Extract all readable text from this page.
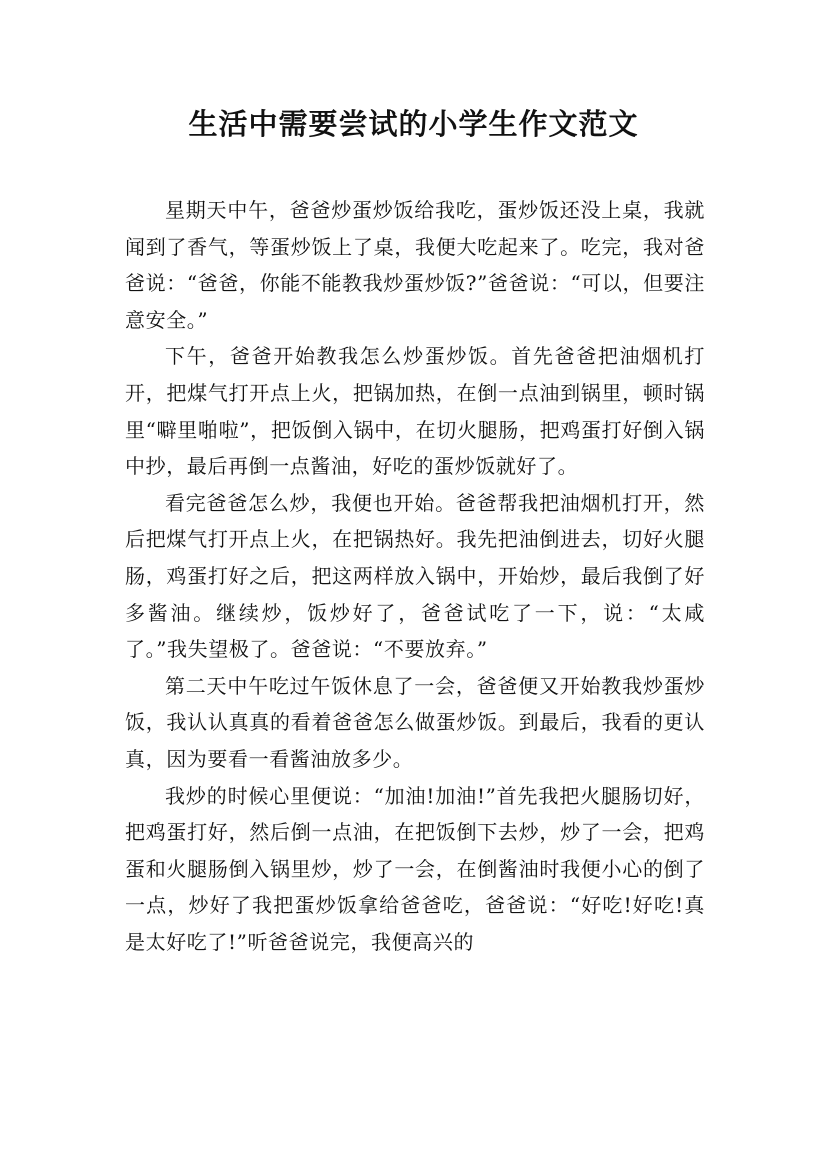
生活中需要尝试的小学生作文范文

星期天中午，爸爸炒蛋炒饭给我吃，蛋炒饭还没上桌，我就闻到了香气，等蛋炒饭上了桌，我便大吃起来了。吃完，我对爸爸说：“爸爸，你能不能教我炒蛋炒饭?”爸爸说：“可以，但要注意安全。”

下午，爸爸开始教我怎么炒蛋炒饭。首先爸爸把油烟机打开，把煤气打开点上火，把锅加热，在倒一点油到锅里，顿时锅里“噼里啪啦”，把饭倒入锅中，在切火腿肠，把鸡蛋打好倒入锅中抄，最后再倒一点酱油，好吃的蛋炒饭就好了。

看完爸爸怎么炒，我便也开始。爸爸帮我把油烟机打开，然后把煤气打开点上火，在把锅热好。我先把油倒进去，切好火腿肠，鸡蛋打好之后，把这两样放入锅中，开始炒，最后我倒了好多酱油。继续炒，饭炒好了，爸爸试吃了一下，说：“太咸了。”我失望极了。爸爸说：“不要放弃。”

第二天中午吃过午饭休息了一会，爸爸便又开始教我炒蛋炒饭，我认认真真的看着爸爸怎么做蛋炒饭。到最后，我看的更认真，因为要看一看酱油放多少。

我炒的时候心里便说：“加油!加油!”首先我把火腿肠切好，把鸡蛋打好，然后倒一点油，在把饭倒下去炒，炒了一会，把鸡蛋和火腿肠倒入锅里炒，炒了一会，在倒酱油时我便小心的倒了一点，炒好了我把蛋炒饭拿给爸爸吃，爸爸说：“好吃!好吃!真是太好吃了!”听爸爸说完，我便高兴的
